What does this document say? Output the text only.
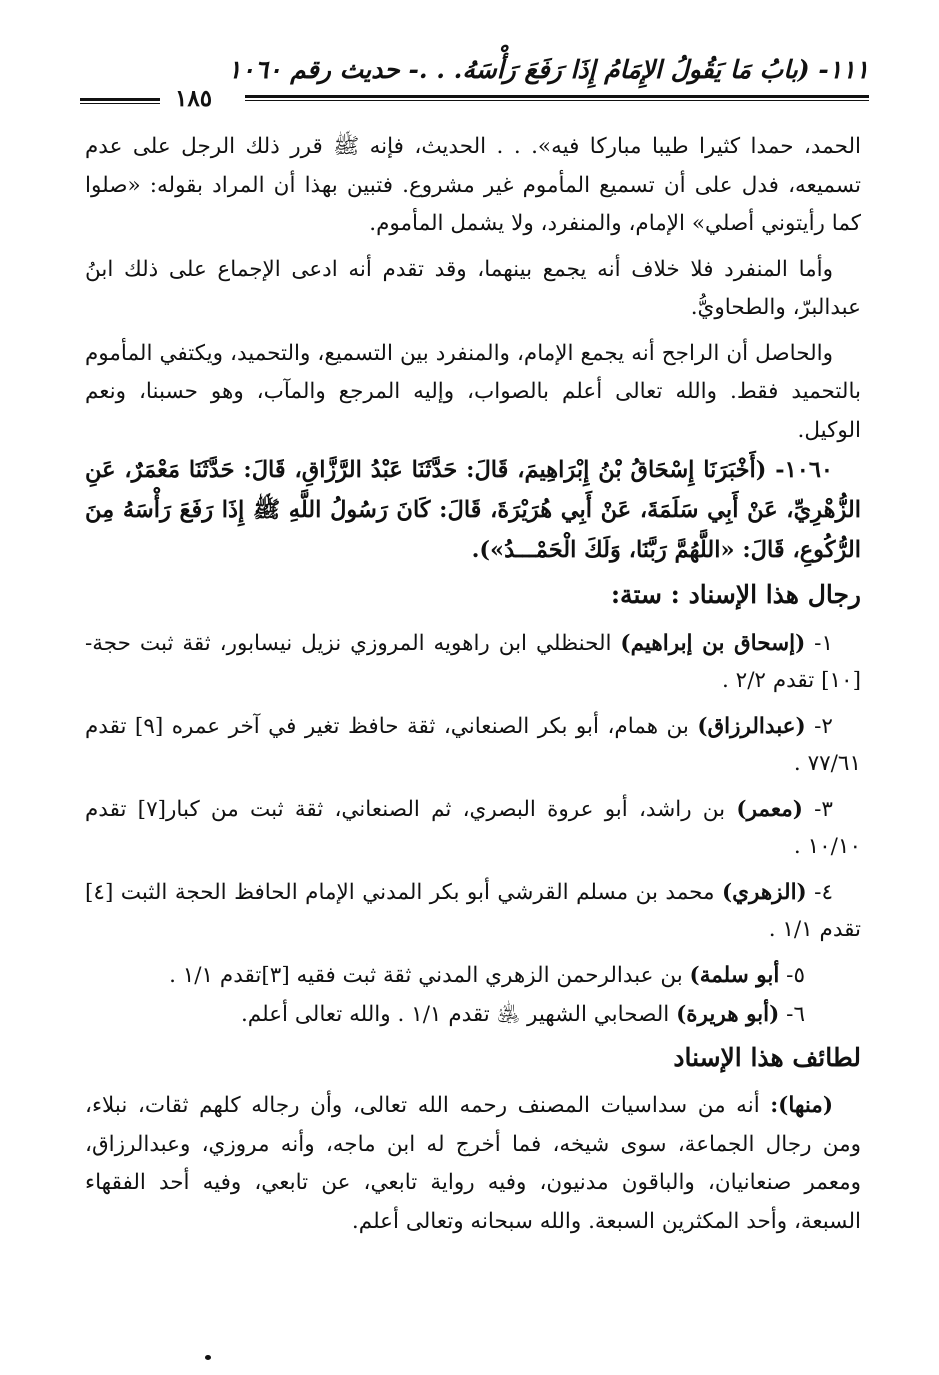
١١١- (بابُ مَا يَقُولُ الإِمَامُ إِذَا رَفَعَ رَأْسَهُ. . .- حديث رقم ١٠٦٠
١٨٥

الحمد، حمدا كثيرا طيبا مباركا فيه». . . الحديث، فإنه ﷺ قرر ذلك الرجل على عدم تسميعه، فدل على أن تسميع المأموم غير مشروع. فتبين بهذا أن المراد بقوله: «صلوا كما رأيتوني أصلي» الإمام، والمنفرد، ولا يشمل المأموم.

وأما المنفرد فلا خلاف أنه يجمع بينهما، وقد تقدم أنه ادعى الإجماع على ذلك ابنُ عبدالبرّ، والطحاويُّ.

والحاصل أن الراجح أنه يجمع الإمام، والمنفرد بين التسميع، والتحميد، ويكتفي المأموم بالتحميد فقط. والله تعالى أعلم بالصواب، وإليه المرجع والمآب، وهو حسبنا، ونعم الوكيل.

١٠٦٠- (أَخْبَرَنَا إِسْحَاقُ بْنُ إِبْرَاهِيمَ، قَالَ: حَدَّثَنَا عَبْدُ الرَّزَّاقِ، قَالَ: حَدَّثَنَا مَعْمَرٌ، عَنِ الزُّهْرِيِّ، عَنْ أَبِي سَلَمَةَ، عَنْ أَبِي هُرَيْرَةَ، قَالَ: كَانَ رَسُولُ اللَّهِ ﷺ إِذَا رَفَعَ رَأْسَهُ مِنَ الرُّكُوعِ، قَالَ: «اللَّهُمَّ رَبَّنَا، وَلَكَ الْحَمْـــدُ»).

رجال هذا الإسناد : ستة:

١- (إسحاق بن إبراهيم) الحنظلي ابن راهويه المروزي نزيل نيسابور، ثقة ثبت حجة-[١٠] تقدم ٢/٢ .

٢- (عبدالرزاق) بن همام، أبو بكر الصنعاني، ثقة حافظ تغير في آخر عمره [٩] تقدم ٧٧/٦١ .

٣- (معمر) بن راشد، أبو عروة البصري، ثم الصنعاني، ثقة ثبت من كبار[٧] تقدم ١٠/١٠ .

٤- (الزهري) محمد بن مسلم القرشي أبو بكر المدني الإمام الحافظ الحجة الثبت [٤] تقدم ١/١ .

٥- أبو سلمة) بن عبدالرحمن الزهري المدني ثقة ثبت فقيه [٣]تقدم ١/١ .

٦- (أبو هريرة) الصحابي الشهير ﵁ تقدم ١/١ . والله تعالى أعلم.

لطائف هذا الإسناد

(منها): أنه من سداسيات المصنف رحمه الله تعالى، وأن رجاله كلهم ثقات، نبلاء، ومن رجال الجماعة، سوى شيخه، فما أخرج له ابن ماجه، وأنه مروزي، وعبدالرزاق، ومعمر صنعانيان، والباقون مدنيون، وفيه رواية تابعي، عن تابعي، وفيه أحد الفقهاء السبعة، وأحد المكثرين السبعة. والله سبحانه وتعالى أعلم.
